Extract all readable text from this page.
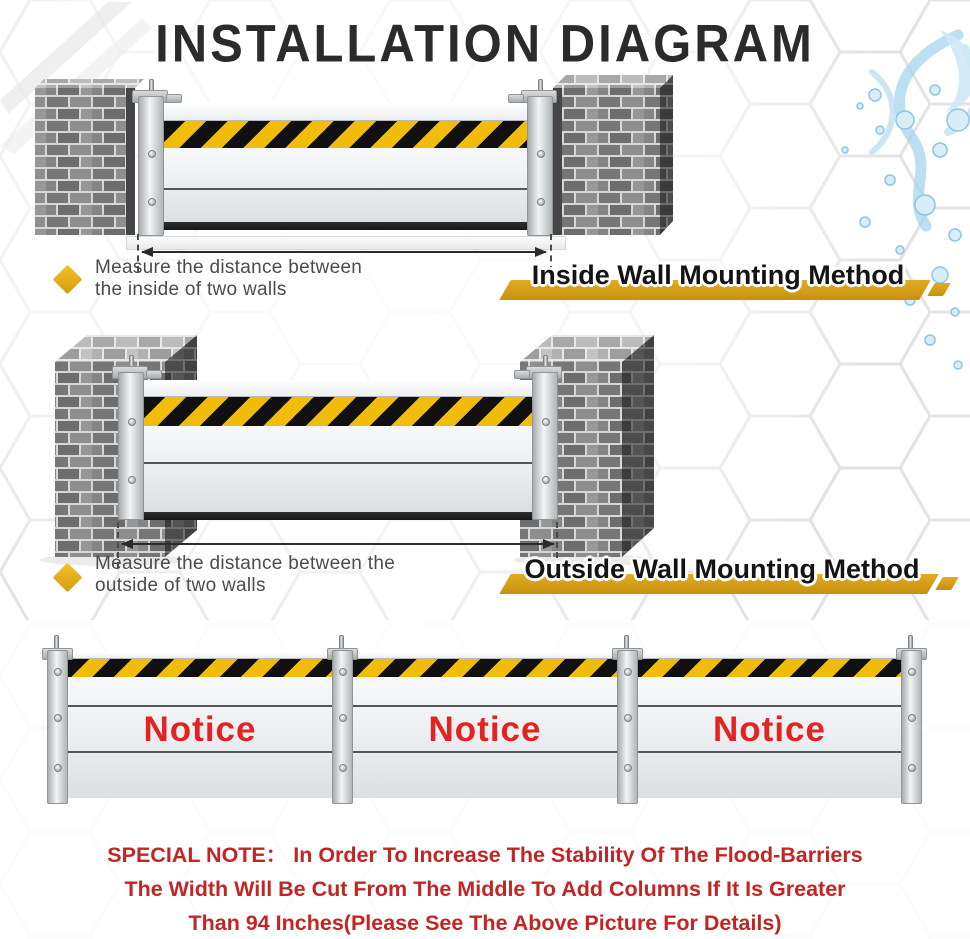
INSTALLATION DIAGRAM
Measure the distance between
the inside of two walls	Inside Wall Mounting Method
Measure the distance between the
outside of two walls
Outside Wall Mounting Method
Notice	Notice	Notice
SPECIAL NOTE： In Order To Increase The Stability Of The Flood-Barriers
The Width Will Be Cut From The Middle To Add Columns If It Is Greater
Than 94 Inches(Please See The Above Picture For Details)
